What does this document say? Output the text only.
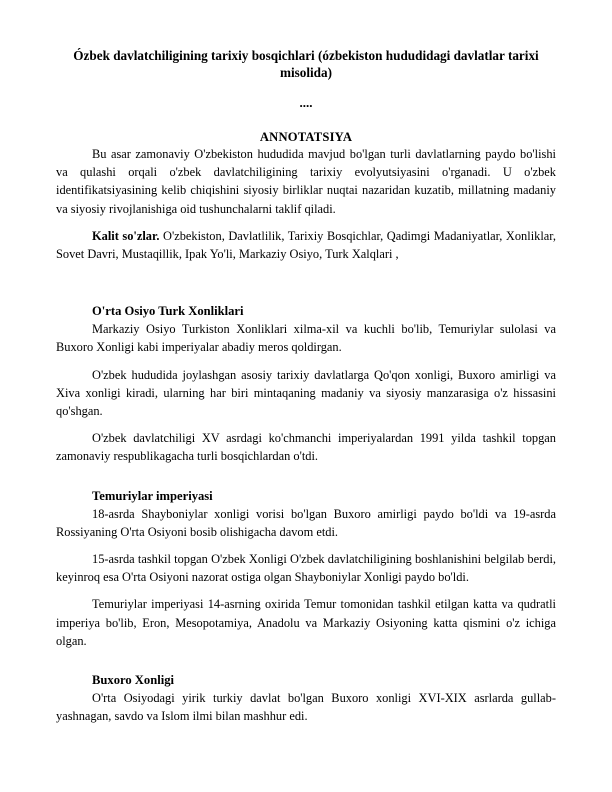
Ózbek davlatchiligining tarixiy bosqichlari (ózbekiston hududidagi davlatlar tarixi misolida)
....
ANNOTATSIYA

Bu asar zamonaviy O'zbekiston hududida mavjud bo'lgan turli davlatlarning paydo bo'lishi va qulashi orqali o'zbek davlatchiligining tarixiy evolyutsiyasini o'rganadi. U o'zbek identifikatsiyasining kelib chiqishini siyosiy birliklar nuqtai nazaridan kuzatib, millatning madaniy va siyosiy rivojlanishiga oid tushunchalarni taklif qiladi.

Kalit so'zlar. O'zbekiston, Davlatlilik, Tarixiy Bosqichlar, Qadimgi Madaniyatlar, Xonliklar, Sovet Davri, Mustaqillik, Ipak Yo'li, Markaziy Osiyo, Turk Xalqlari ,

O'rta Osiyo Turk Xonliklari

Markaziy Osiyo Turkiston Xonliklari xilma-xil va kuchli bo'lib, Temuriylar sulolasi va Buxoro Xonligi kabi imperiyalar abadiy meros qoldirgan.

O'zbek hududida joylashgan asosiy tarixiy davlatlarga Qo'qon xonligi, Buxoro amirligi va Xiva xonligi kiradi, ularning har biri mintaqaning madaniy va siyosiy manzarasiga o'z hissasini qo'shgan.

O'zbek davlatchiligi XV asrdagi ko'chmanchi imperiyalardan 1991 yilda tashkil topgan zamonaviy respublikagacha turli bosqichlardan o'tdi.

Temuriylar imperiyasi

18-asrda Shayboniylar xonligi vorisi bo'lgan Buxoro amirligi paydo bo'ldi va 19-asrda Rossiyaning O'rta Osiyoni bosib olishigacha davom etdi.

15-asrda tashkil topgan O'zbek Xonligi O'zbek davlatchiligining boshlanishini belgilab berdi, keyinroq esa O'rta Osiyoni nazorat ostiga olgan Shayboniylar Xonligi paydo bo'ldi.

Temuriylar imperiyasi 14-asrning oxirida Temur tomonidan tashkil etilgan katta va qudratli imperiya bo'lib, Eron, Mesopotamiya, Anadolu va Markaziy Osiyoning katta qismini o'z ichiga olgan.

Buxoro Xonligi

O'rta Osiyodagi yirik turkiy davlat bo'lgan Buxoro xonligi XVI-XIX asrlarda gullab-yashnagan, savdo va Islom ilmi bilan mashhur edi.
